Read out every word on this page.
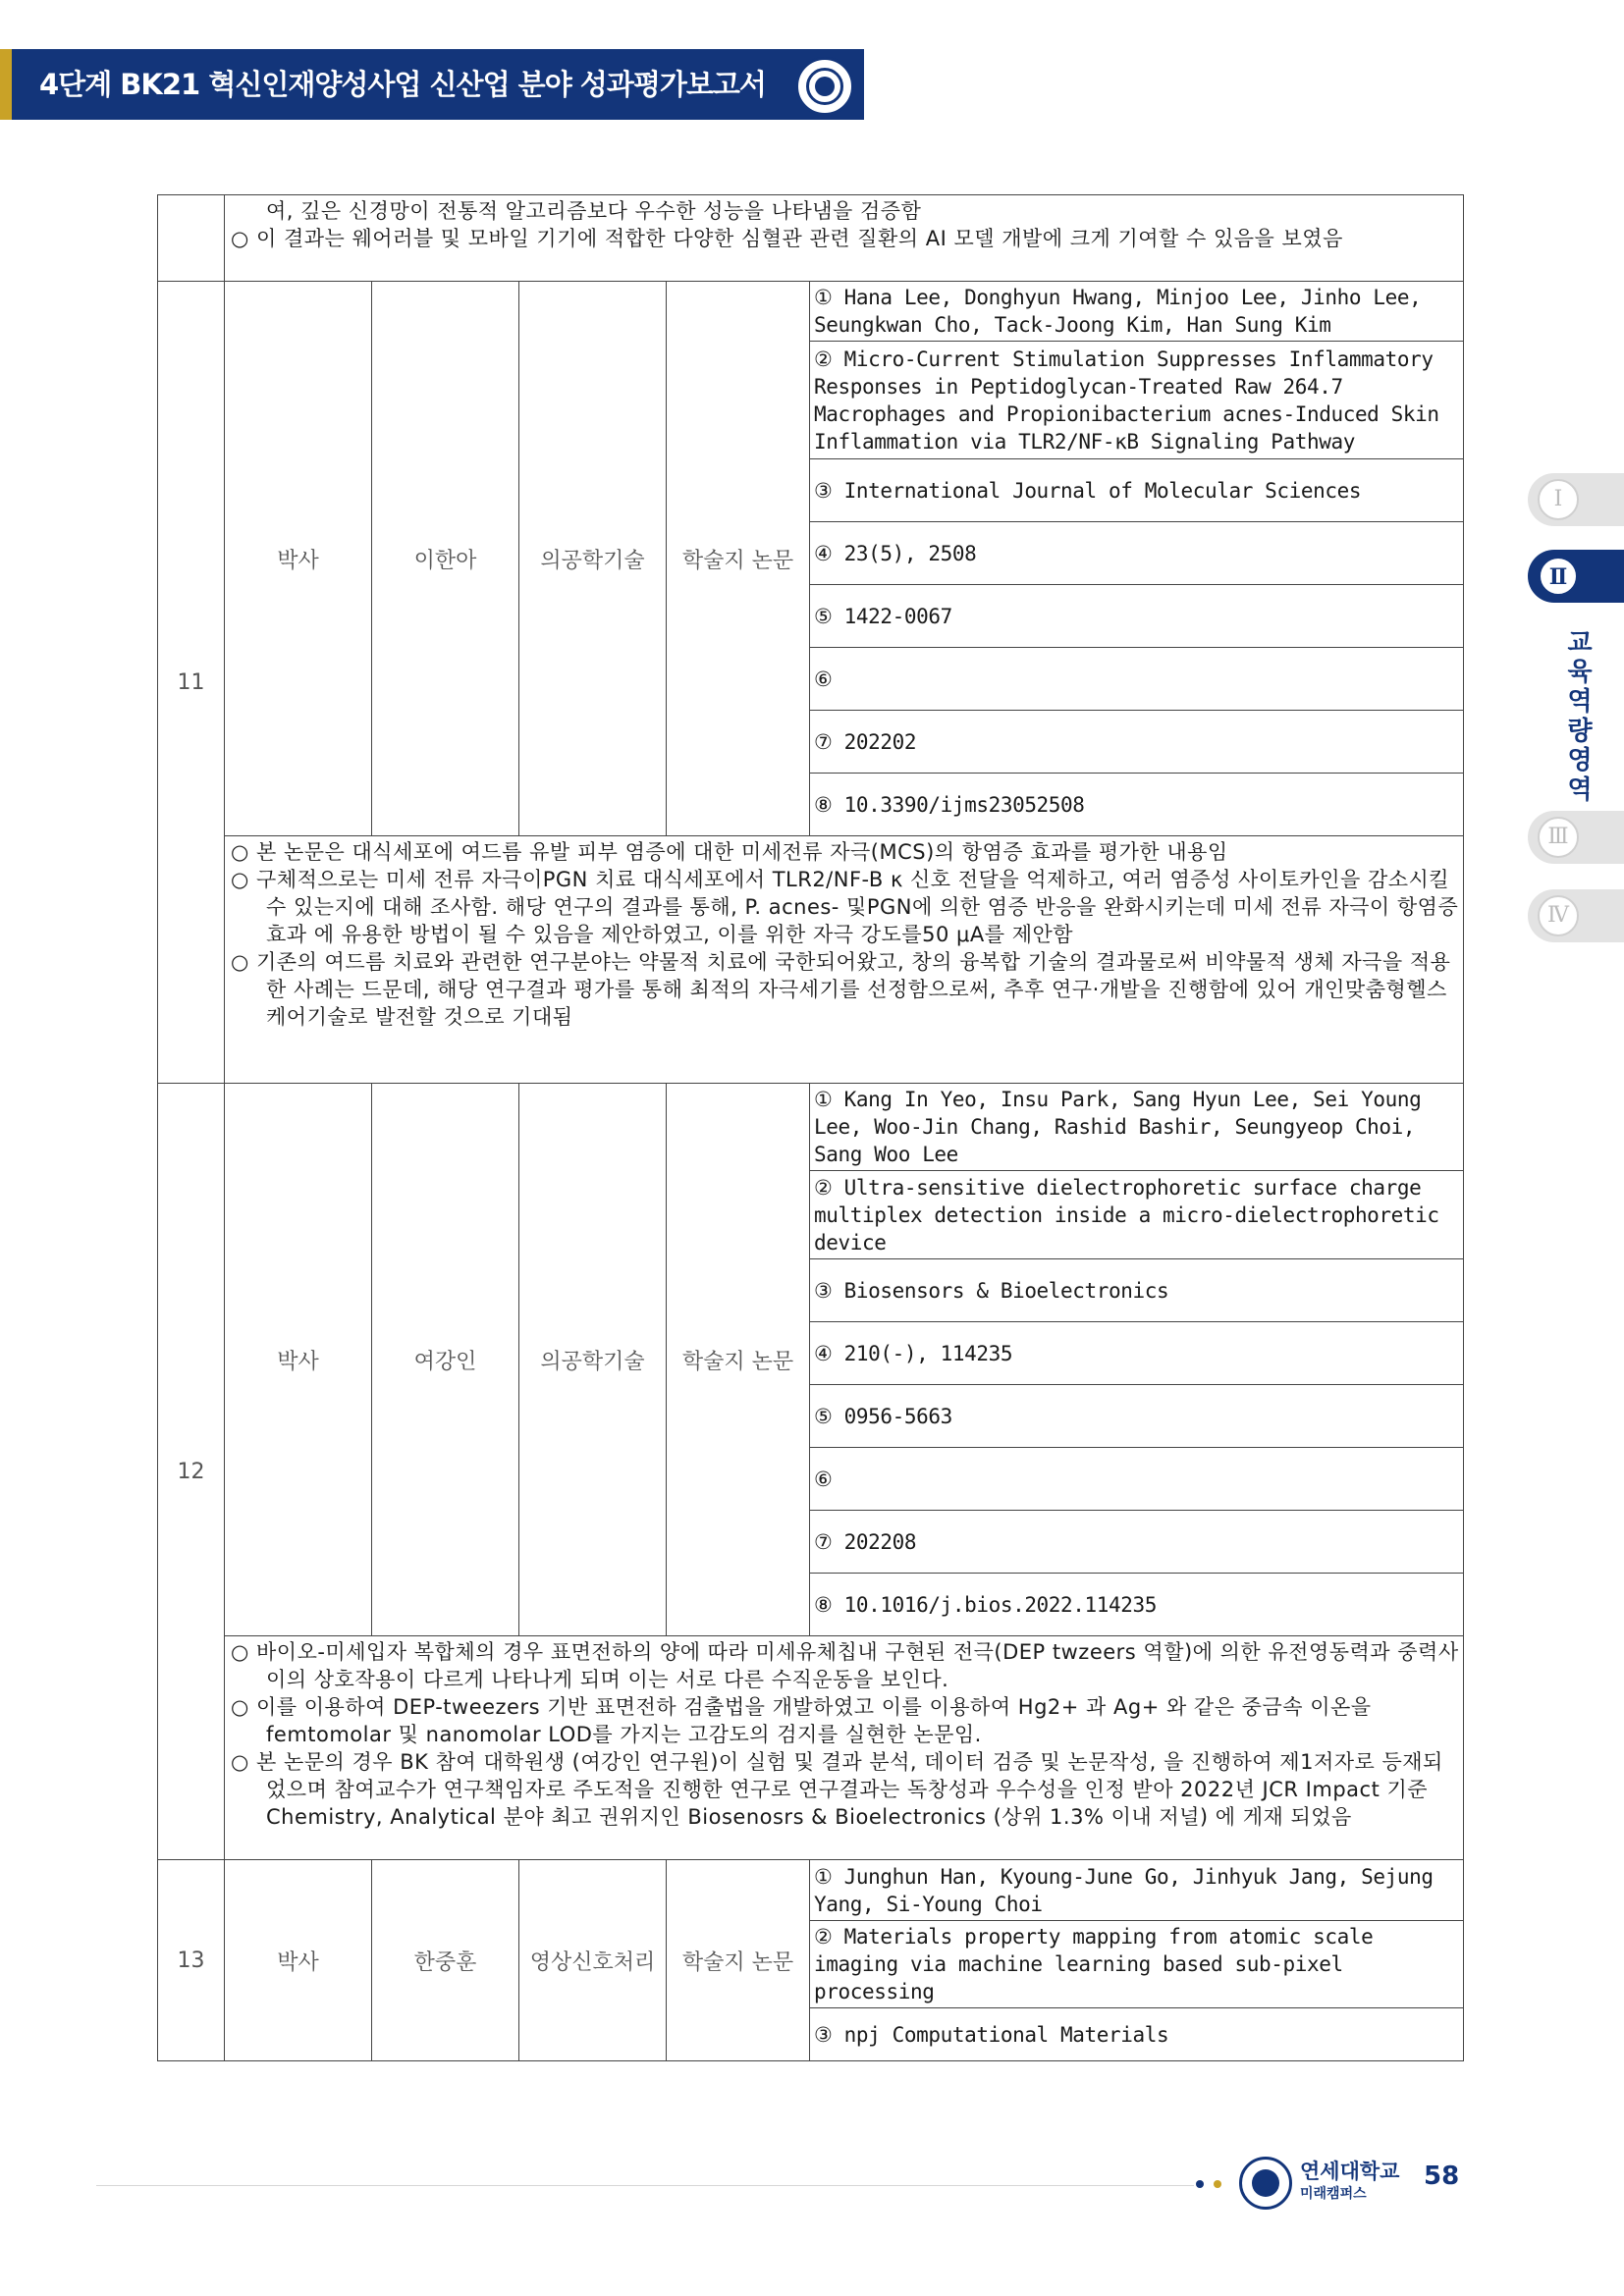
4단계 BK21 혁신인재양성사업 신산업 분야 성과평가보고서
Ⅰ
Ⅱ
교육역량 영역
Ⅲ
Ⅳ

	여, 깊은 신경망이 전통적 알고리즘보다 우수한 성능을 나타냄을 검증함
○ 이 결과는 웨어러블 및 모바일 기기에 적합한 다양한 심혈관 관련 질환의 AI 모델 개발에 크게 기여할 수 있음을 보였음				

11	박사	이한아	의공학기술	학술지 논문	① Hana Lee, Donghyun Hwang, Minjoo Lee, Jinho Lee, Seungkwan Cho, Tack-Joong Kim, Han Sung Kim
					② Micro-Current Stimulation Suppresses Inflammatory Responses in Peptidoglycan-Treated Raw 264.7 Macrophages and Propionibacterium acnes-Induced Skin Inflammation via TLR2/NF-κB Signaling Pathway
					③ International Journal of Molecular Sciences
					④ 23(5), 2508
					⑤ 1422-0067
					⑥
					⑦ 202202
					⑧ 10.3390/ijms23052508

	○ 본 논문은 대식세포에 여드름 유발 피부 염증에 대한 미세전류 자극(MCS)의 항염증 효과를 평가한 내용임
○ 구체적으로는 미세 전류 자극이PGN 치료 대식세포에서 TLR2/NF-B κ 신호 전달을 억제하고, 여러 염증성 사이토카인을 감소시킬 수 있는지에 대해 조사함. 해당 연구의 결과를 통해, P. acnes- 및PGN에 의한 염증 반응을 완화시키는데 미세 전류 자극이 항염증 효과 에 유용한 방법이 될 수 있음을 제안하였고, 이를 위한 자극 강도를50 μA를 제안함
○ 기존의 여드름 치료와 관련한 연구분야는 약물적 치료에 국한되어왔고, 창의 융복합 기술의 결과물로써 비약물적 생체 자극을 적용한 사례는 드문데, 해당 연구결과 평가를 통해 최적의 자극세기를 선정함으로써, 추후 연구·개발을 진행함에 있어 개인맞춤형헬스케어기술로 발전할 것으로 기대됨				

12	박사	여강인	의공학기술	학술지 논문	① Kang In Yeo, Insu Park, Sang Hyun Lee, Sei Young Lee, Woo-Jin Chang, Rashid Bashir, Seungyeop Choi, Sang Woo Lee
					② Ultra-sensitive dielectrophoretic surface charge multiplex detection inside a micro-dielectrophoretic device
					③ Biosensors & Bioelectronics
					④ 210(-), 114235
					⑤ 0956-5663
					⑥
					⑦ 202208
					⑧ 10.1016/j.bios.2022.114235

	○ 바이오-미세입자 복합체의 경우 표면전하의 양에 따라 미세유체칩내 구현된 전극(DEP twzeers 역할)에 의한 유전영동력과 중력사이의 상호작용이 다르게 나타나게 되며 이는 서로 다른 수직운동을 보인다.
○ 이를 이용하여 DEP-tweezers 기반 표면전하 검출법을 개발하였고 이를 이용하여 Hg2+ 과 Ag+ 와 같은 중금속 이온을 femtomolar 및 nanomolar LOD를 가지는 고감도의 검지를 실현한 논문임.
○ 본 논문의 경우 BK 참여 대학원생 (여강인 연구원)이 실험 및 결과 분석, 데이터 검증 및 논문작성, 을 진행하여 제1저자로 등재되었으며 참여교수가 연구책임자로 주도적을 진행한 연구로 연구결과는 독창성과 우수성을 인정 받아 2022년 JCR Impact 기준 Chemistry, Analytical 분야 최고 권위지인 Biosenosrs & Bioelectronics (상위 1.3% 이내 저널) 에 게재 되었음				

13	박사	한중훈	영상신호처리	학술지 논문	① Junghun Han, Kyoung-June Go, Jinhyuk Jang, Sejung Yang, Si-Young Choi
					② Materials property mapping from atomic scale imaging via machine learning based sub-pixel processing
					③ npj Computational Materials
연세대학교
미래캠퍼스
58
